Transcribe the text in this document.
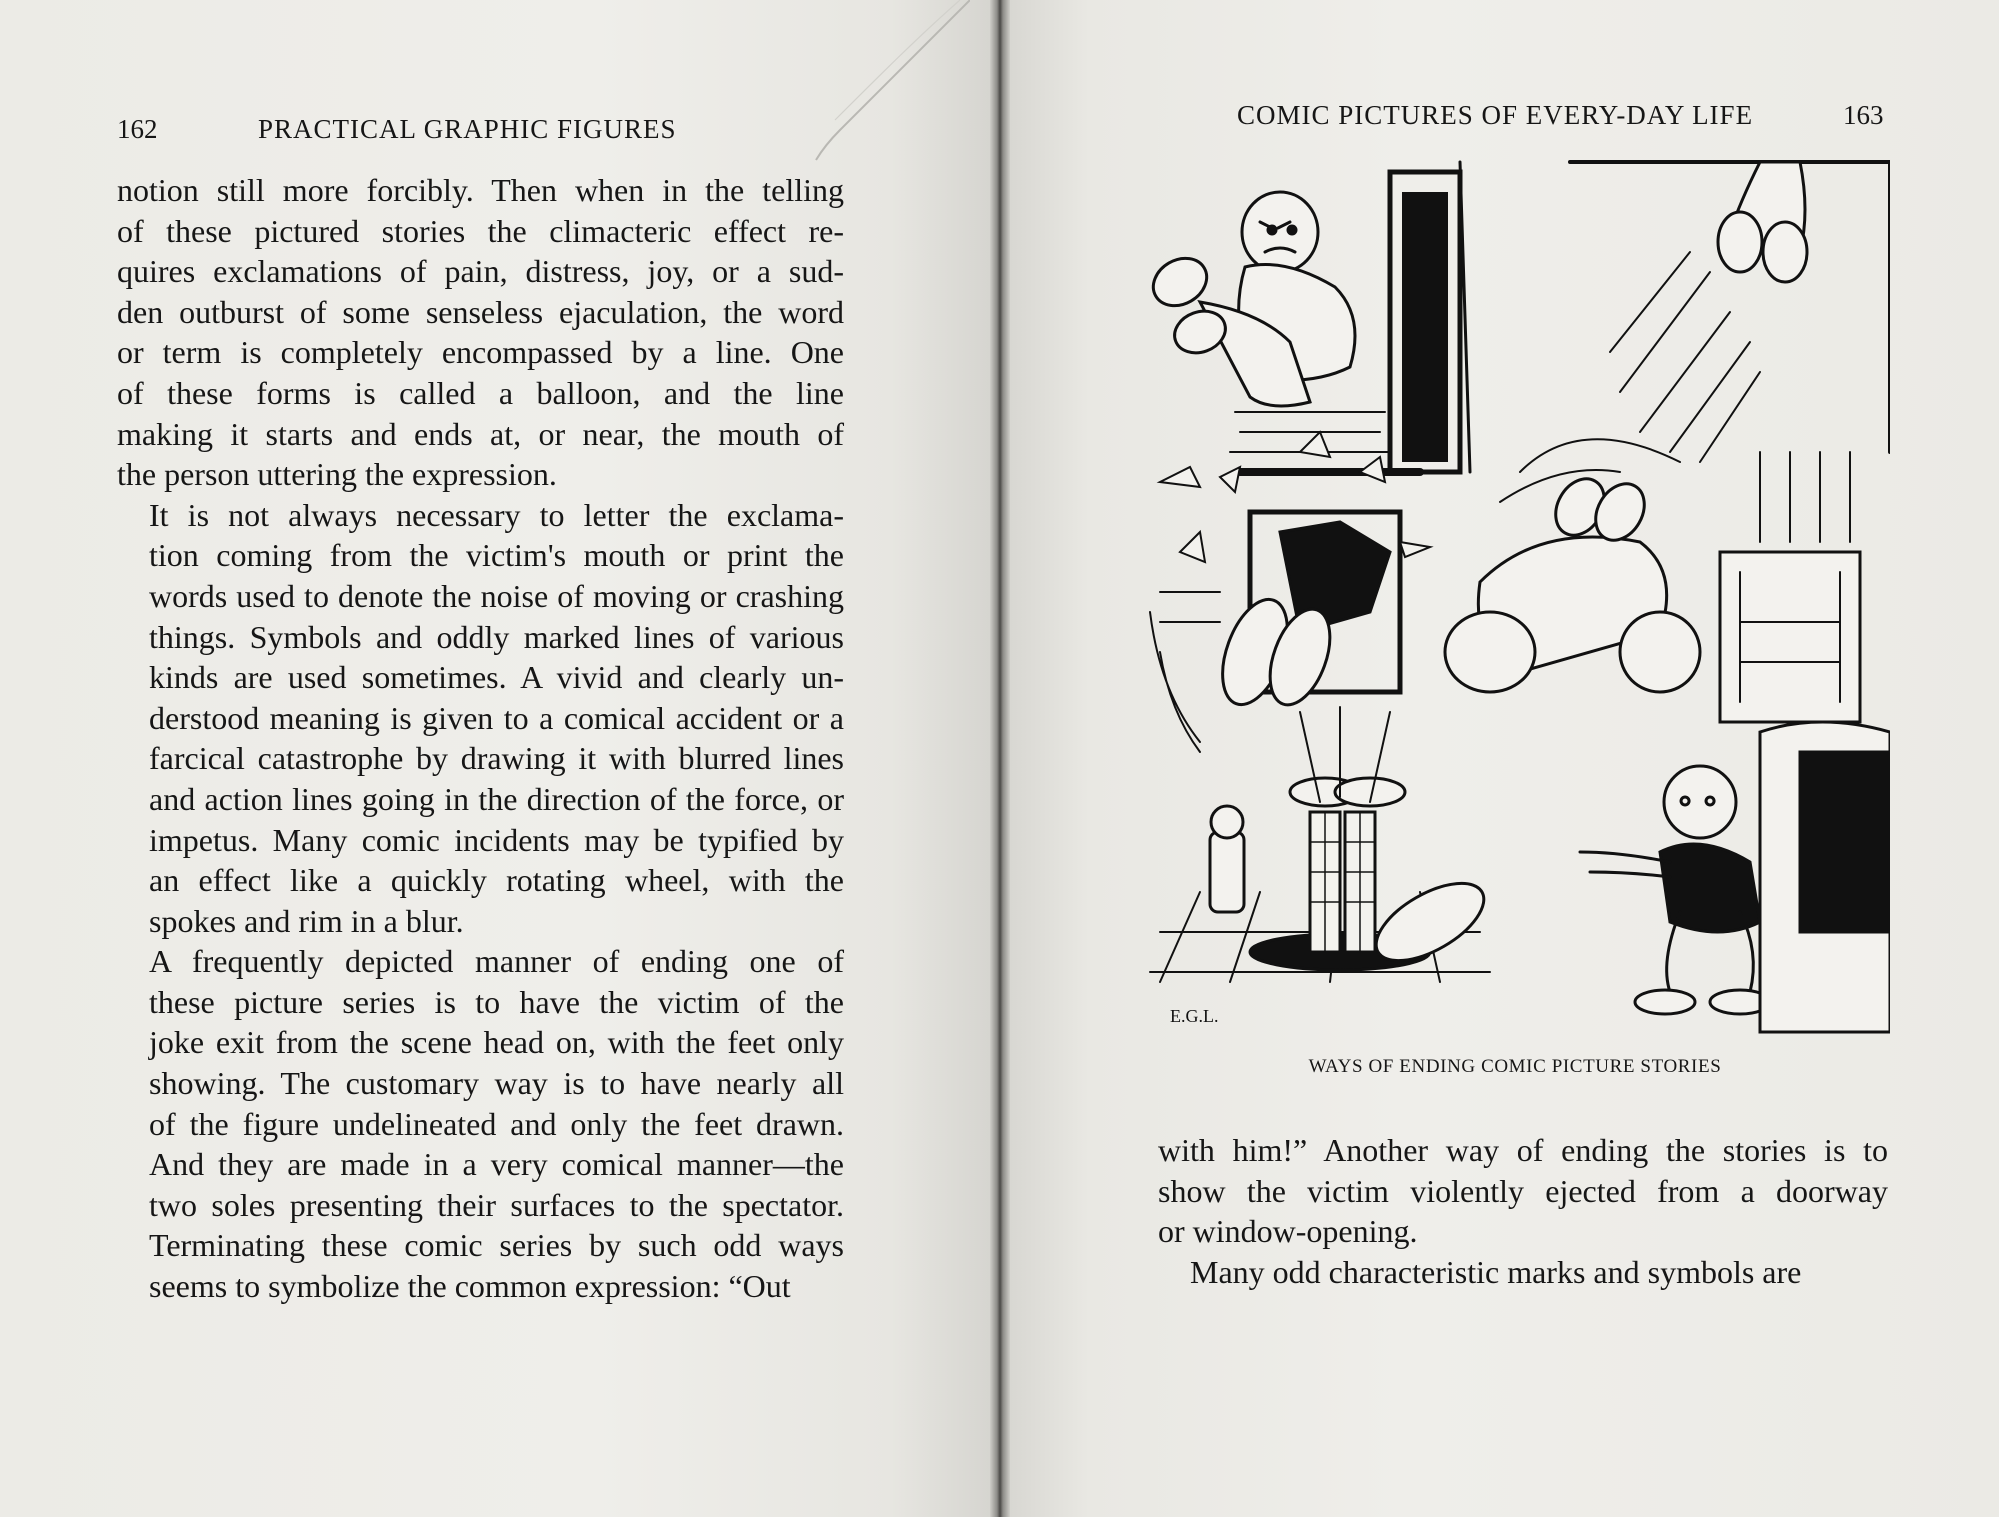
162	PRACTICAL GRAPHIC FIGURES

notion still more forcibly. Then when in the telling
of these pictured stories the climacteric effect re-
quires exclamations of pain, distress, joy, or a sud-
den outburst of some senseless ejaculation, the word
or term is completely encompassed by a line. One
of these forms is called a balloon, and the line
making it starts and ends at, or near, the mouth of
the person uttering the expression.

It is not always necessary to letter the exclama-
tion coming from the victim's mouth or print the
words used to denote the noise of moving or crashing
things. Symbols and oddly marked lines of various
kinds are used sometimes. A vivid and clearly un-
derstood meaning is given to a comical accident or a
farcical catastrophe by drawing it with blurred lines
and action lines going in the direction of the force, or
impetus. Many comic incidents may be typified by
an effect like a quickly rotating wheel, with the
spokes and rim in a blur.

A frequently depicted manner of ending one of
these picture series is to have the victim of the
joke exit from the scene head on, with the feet only
showing. The customary way is to have nearly all
of the figure undelineated and only the feet drawn.
And they are made in a very comical manner—the
two soles presenting their surfaces to the spectator.
Terminating these comic series by such odd ways
seems to symbolize the common expression: “Out

COMIC PICTURES OF EVERY-DAY LIFE	163
E.G.L.
WAYS OF ENDING COMIC PICTURE STORIES

with him!” Another way of ending the stories is to
show the victim violently ejected from a doorway
or window-opening.

Many odd characteristic marks and symbols are
